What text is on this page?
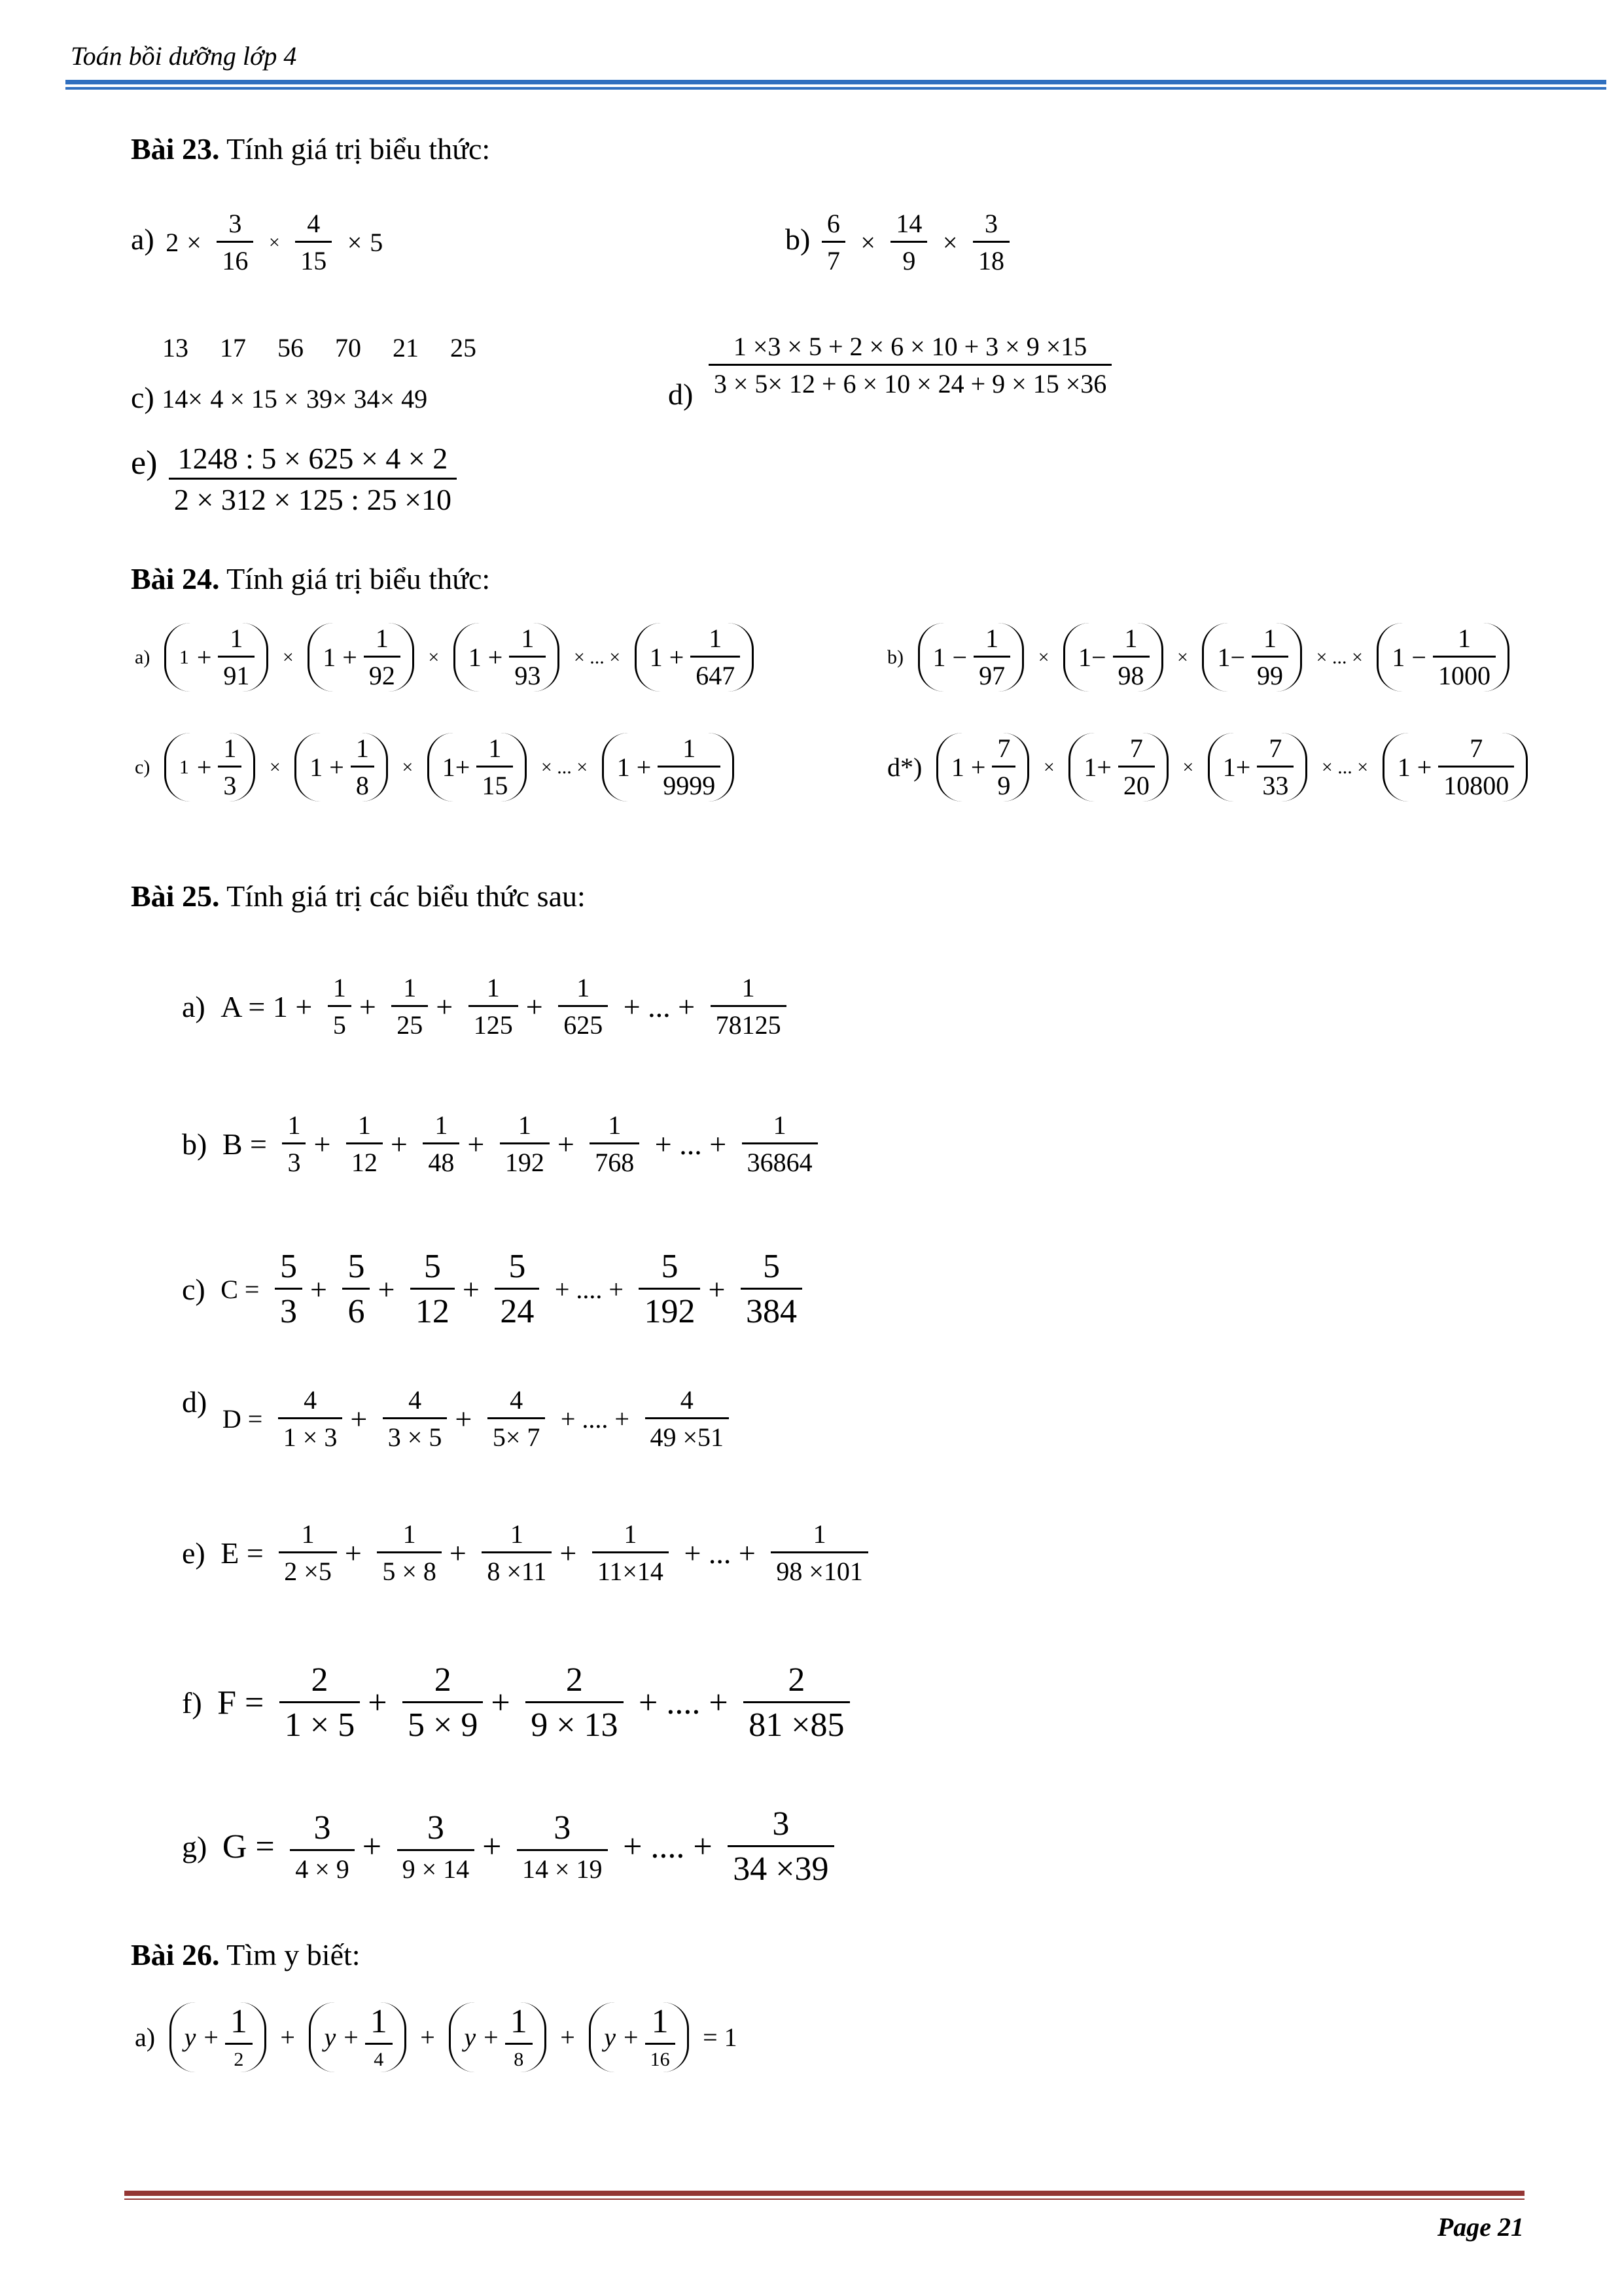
Toán bồi dưỡng lớp 4
Bài 23. Tính giá trị biểu thức:
a) $2 \times \frac{3}{16} \times \frac{4}{15} \times 5$	$b) \frac{6}{7} \times \frac{14}{9} \times \frac{3}{18}$
13 17 56 70 21 25
c) 14× 4 × 15 × 39× 34× 49	$d) \frac{1 \times 3 \times 5 + 2 \times 6 \times 10 + 3 \times 9 \times 15}{3 \times 5\times 12 + 6 \times 10 \times 24 + 9 \times 15 \times 36}$
$e) \frac{1248 : 5 \times 625 \times 4 \times 2}{2 \times 312 \times 125 : 25 \times 10}$
Bài 24. Tính giá trị biểu thức:
a) $1 + \frac{1}{91} \times 1 + \frac{1}{92} \times 1 + \frac{1}{93}$ × ... × $1 + \frac{1}{647}$	b) $1 - \frac{1}{97} \times 1- \frac{1}{98} \times 1- \frac{1}{99}$ × ... × $1 - \frac{1}{1000}$
c) $1 + \frac{1}{3} \times 1 + \frac{1}{8} \times 1+ \frac{1}{15}$ × ... × $1 + \frac{1}{9999}$	d*) $1 + \frac{7}{9} \times 1+ \frac{7}{20} \times 1+ \frac{7}{33}$ × ... × $1 + \frac{7}{10800}$
Bài 25. Tính giá trị các biểu thức sau:
a) $A = 1 + \frac{1}{5} + \frac{1}{25} + \frac{1}{125} + \frac{1}{625}$ + ... + $\frac{1}{78125}$
b) $B = \frac{1}{3} + \frac{1}{12} + \frac{1}{48} + \frac{1}{192} + \frac{1}{768}$ + ... + $\frac{1}{36864}$
c) $C = \frac{5}{3} + \frac{5}{6} + \frac{5}{12} + \frac{5}{24}$ + .... + $\frac{5}{192} + \frac{5}{384}$
d) $D = \frac{4}{1 \times 3} + \frac{4}{3 \times 5} + \frac{4}{5\times 7}$ + .... + $\frac{4}{49 \times 51}$
e) $E = \frac{1}{2 \times 5} + \frac{1}{5 \times 8} + \frac{1}{8 \times 11} + \frac{1}{11\times 14}$ + ... + $\frac{1}{98 \times 101}$
f) $F = \frac{2}{1 \times 5} + \frac{2}{5 \times 9} + \frac{2}{9 \times 13}$ + .... + $\frac{2}{81 \times 85}$
g) G =	3
4 × 9
+	3
9 × 14
+	3
14 × 19
+ .... + $\frac{3}{34 \times 39}$
Bài 26. Tìm y biết:
a) y + 1
2
+ y + 1
4
+ y + 1
8
+ y + 1
16
= 1
Page 21
